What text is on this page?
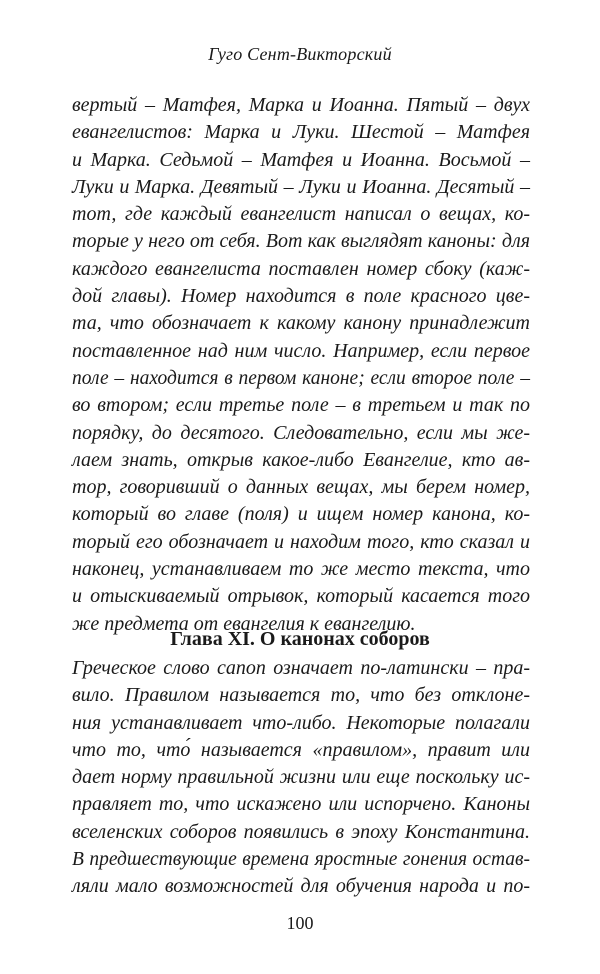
Гуго Сент-Викторский
вертый – Матфея, Марка и Иоанна. Пятый – двух
евангелистов: Марка и Луки. Шестой – Матфея
и Марка. Седьмой – Матфея и Иоанна. Восьмой –
Луки и Марка. Девятый – Луки и Иоанна. Десятый –
тот, где каждый евангелист написал о вещах, ко-
торые у него от себя. Вот как выглядят каноны: для
каждого евангелиста поставлен номер сбоку (каж-
дой главы). Номер находится в поле красного цве-
та, что обозначает к какому канону принадлежит
поставленное над ним число. Например, если первое
поле – находится в первом каноне; если второе поле –
во втором; если третье поле – в третьем и так по
порядку, до десятого. Следовательно, если мы же-
лаем знать, открыв какое-либо Евангелие, кто ав-
тор, говоривший о данных вещах, мы берем номер,
который во главе (поля) и ищем номер канона, ко-
торый его обозначает и находим того, кто сказал и
наконец, устанавливаем то же место текста, что
и отыскиваемый отрывок, который касается того
же предмета от евангелия к евангелию.
Глава XI. О канонах соборов
Греческое слово canon означает по-латински – пра-
вило. Правилом называется то, что без отклоне-
ния устанавливает что-либо. Некоторые полагали
что то, что́ называется «правилом», правит или
дает норму правильной жизни или еще поскольку ис-
правляет то, что искажено или испорчено. Каноны
вселенских соборов появились в эпоху Константина.
В предшествующие времена яростные гонения остав-
ляли мало возможностей для обучения народа и по-
100
